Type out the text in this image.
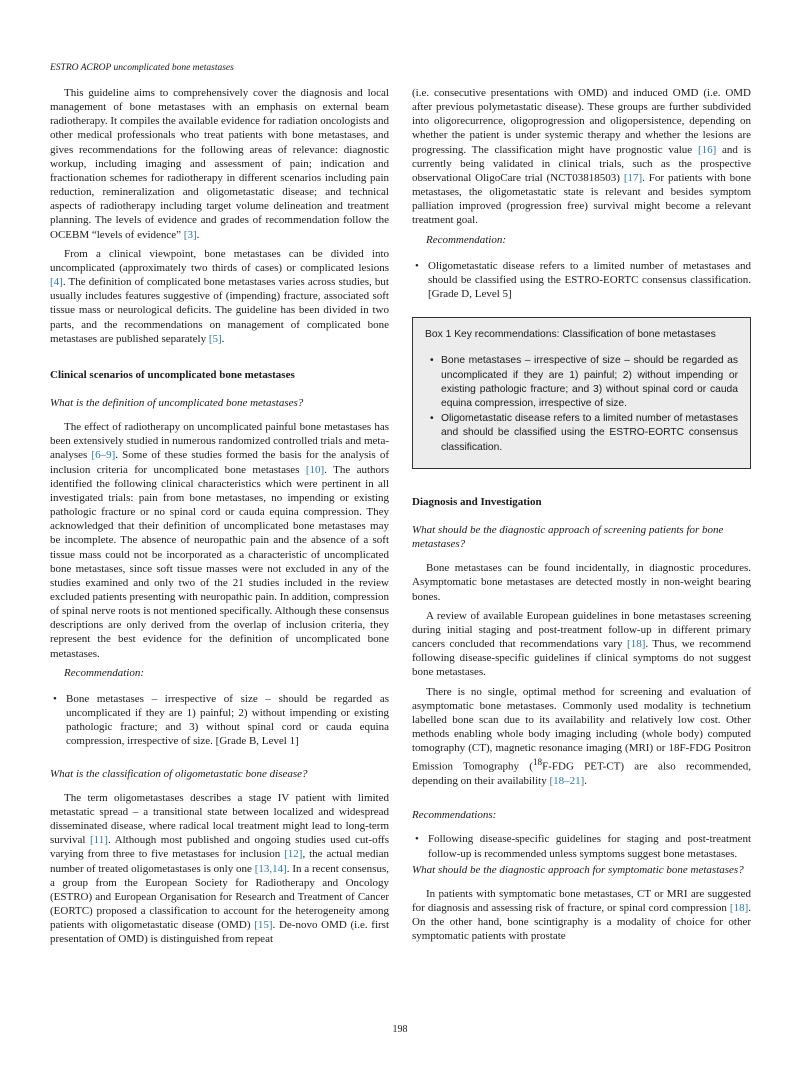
ESTRO ACROP uncomplicated bone metastases

This guideline aims to comprehensively cover the diagnosis and local management of bone metastases with an emphasis on external beam radiotherapy. It compiles the available evidence for radiation oncologists and other medical professionals who treat patients with bone metastases, and gives recommendations for the following areas of relevance: diagnostic workup, including imaging and assessment of pain; indication and fractionation schemes for radiotherapy in different scenarios including pain reduction, remineralization and oligometastatic disease; and technical aspects of radiotherapy including target volume delineation and treatment planning. The levels of evidence and grades of recommendation follow the OCEBM “levels of evidence” [3].

From a clinical viewpoint, bone metastases can be divided into uncomplicated (approximately two thirds of cases) or complicated lesions [4]. The definition of complicated bone metastases varies across studies, but usually includes features suggestive of (impending) fracture, associated soft tissue mass or neurological deficits. The guideline has been divided in two parts, and the recommendations on management of complicated bone metastases are published separately [5].

Clinical scenarios of uncomplicated bone metastases
What is the definition of uncomplicated bone metastases?

The effect of radiotherapy on uncomplicated painful bone metastases has been extensively studied in numerous randomized controlled trials and meta-analyses [6–9]. Some of these studies formed the basis for the analysis of inclusion criteria for uncomplicated bone metastases [10]. The authors identified the following clinical characteristics which were pertinent in all investigated trials: pain from bone metastases, no impending or existing pathologic fracture or no spinal cord or cauda equina compression. They acknowledged that their definition of uncomplicated bone metastases may be incomplete. The absence of neuropathic pain and the absence of a soft tissue mass could not be incorporated as a characteristic of uncomplicated bone metastases, since soft tissue masses were not excluded in any of the studies examined and only two of the 21 studies included in the review excluded patients presenting with neuropathic pain. In addition, compression of spinal nerve roots is not mentioned specifically. Although these consensus descriptions are only derived from the overlap of inclusion criteria, they represent the best evidence for the definition of uncomplicated bone metastases.

Recommendation:
• Bone metastases – irrespective of size – should be regarded as uncomplicated if they are 1) painful; 2) without impending or existing pathologic fracture; and 3) without spinal cord or cauda equina compression, irrespective of size. [Grade B, Level 1]
What is the classification of oligometastatic bone disease?

The term oligometastases describes a stage IV patient with limited metastatic spread – a transitional state between localized and widespread disseminated disease, where radical local treatment might lead to long-term survival [11]. Although most published and ongoing studies used cut-offs varying from three to five metastases for inclusion [12], the actual median number of treated oligometastases is only one [13,14]. In a recent consensus, a group from the European Society for Radiotherapy and Oncology (ESTRO) and European Organisation for Research and Treatment of Cancer (EORTC) proposed a classification to account for the heterogeneity among patients with oligometastatic disease (OMD) [15]. De-novo OMD (i.e. first presentation of OMD) is distinguished from repeat

(i.e. consecutive presentations with OMD) and induced OMD (i.e. OMD after previous polymetastatic disease). These groups are further subdivided into oligorecurrence, oligoprogression and oligopersistence, depending on whether the patient is under systemic therapy and whether the lesions are progressing. The classification might have prognostic value [16] and is currently being validated in clinical trials, such as the prospective observational OligoCare trial (NCT03818503) [17]. For patients with bone metastases, the oligometastatic state is relevant and besides symptom palliation improved (progression free) survival might become a relevant treatment goal.

Recommendation:
• Oligometastatic disease refers to a limited number of metastases and should be classified using the ESTRO-EORTC consensus classification. [Grade D, Level 5]
Box 1 Key recommendations: Classification of bone metastases
• Bone metastases – irrespective of size – should be regarded as uncomplicated if they are 1) painful; 2) without impending or existing pathologic fracture; and 3) without spinal cord or cauda equina compression, irrespective of size.
• Oligometastatic disease refers to a limited number of metastases and should be classified using the ESTRO-EORTC consensus classification.
Diagnosis and Investigation
What should be the diagnostic approach of screening patients for bone metastases?

Bone metastases can be found incidentally, in diagnostic procedures. Asymptomatic bone metastases are detected mostly in non-weight bearing bones.

A review of available European guidelines in bone metastases screening during initial staging and post-treatment follow-up in different primary cancers concluded that recommendations vary [18]. Thus, we recommend following disease-specific guidelines if clinical symptoms do not suggest bone metastases.

There is no single, optimal method for screening and evaluation of asymptomatic bone metastases. Commonly used modality is technetium labelled bone scan due to its availability and relatively low cost. Other methods enabling whole body imaging including (whole body) computed tomography (CT), magnetic resonance imaging (MRI) or 18F-FDG Positron Emission Tomography ($^{18}$F-FDG PET-CT) are also recommended, depending on their availability [18–21].

Recommendations:
• Following disease-specific guidelines for staging and post-treatment follow-up is recommended unless symptoms suggest bone metastases.
What should be the diagnostic approach for symptomatic bone metastases?

In patients with symptomatic bone metastases, CT or MRI are suggested for diagnosis and assessing risk of fracture, or spinal cord compression [18]. On the other hand, bone scintigraphy is a modality of choice for other symptomatic patients with prostate

198
